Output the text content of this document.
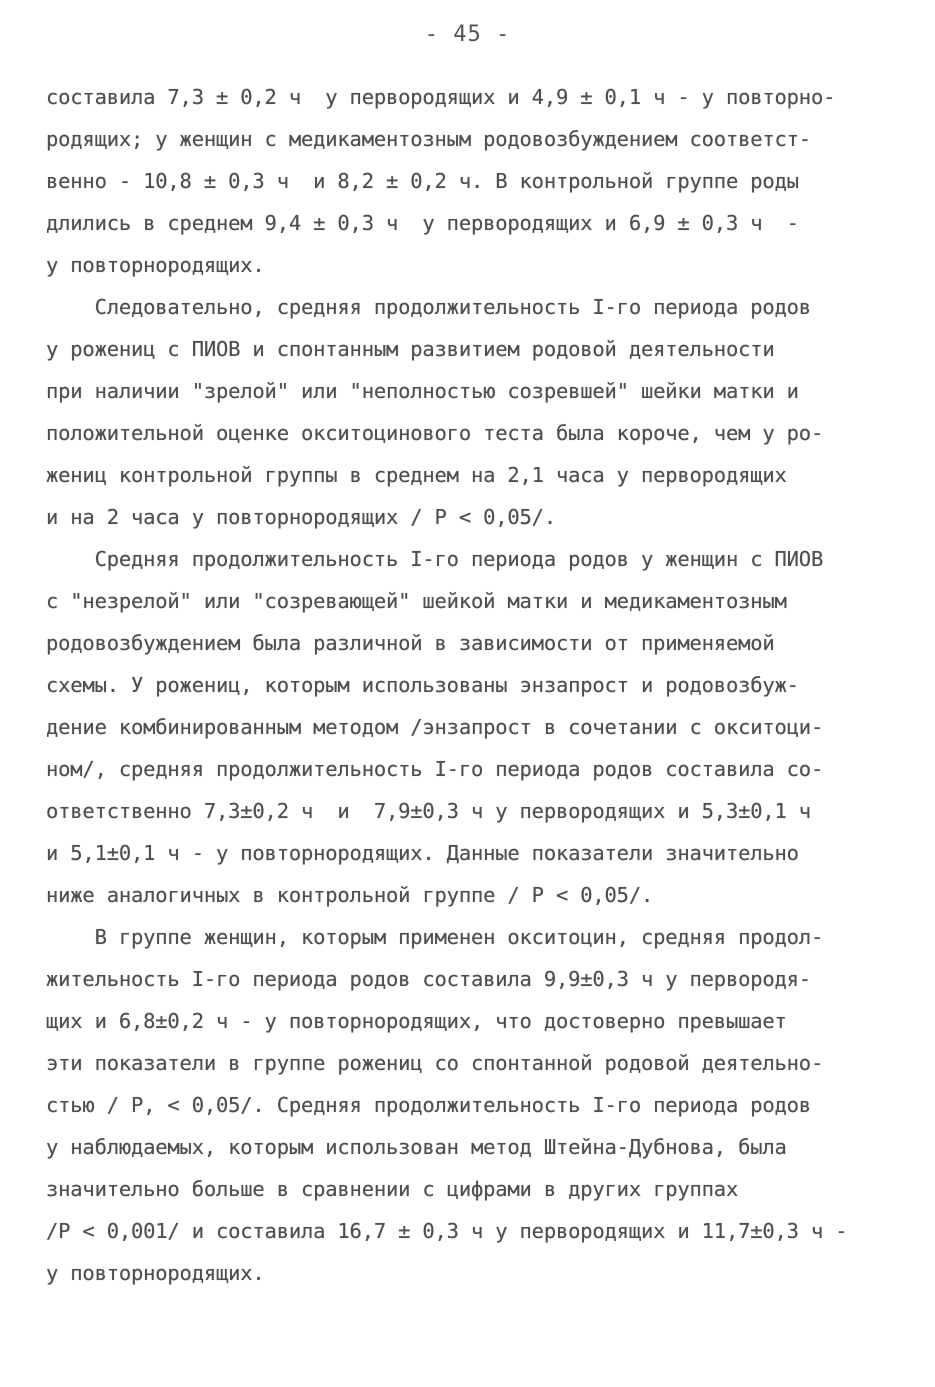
- 45 -
составила 7,3 ± 0,2 ч  у первородящих и 4,9 ± 0,1 ч - у повторно-
родящих; у женщин с медикаментозным родовозбуждением соответст-
венно - 10,8 ± 0,3 ч  и 8,2 ± 0,2 ч. В контрольной группе роды
длились в среднем 9,4 ± 0,3 ч  у первородящих и 6,9 ± 0,3 ч  -
у повторнородящих.
Следовательно, средняя продолжительность I-го периода родов
у рожениц с ПИОВ и спонтанным развитием родовой деятельности
при наличии "зрелой" или "неполностью созревшей" шейки матки и
положительной оценке окситоцинового теста была короче, чем у ро-
жениц контрольной группы в среднем на 2,1 часа у первородящих
и на 2 часа у повторнородящих / P < 0,05/.
Средняя продолжительность I-го периода родов у женщин с ПИОВ
с "незрелой" или "созревающей" шейкой матки и медикаментозным
родовозбуждением была различной в зависимости от применяемой
схемы. У рожениц, которым использованы энзапрост и родовозбуж-
дение комбинированным методом /энзапрост в сочетании с окситоци-
ном/, средняя продолжительность I-го периода родов составила со-
ответственно 7,3±0,2 ч  и  7,9±0,3 ч у первородящих и 5,3±0,1 ч
и 5,1±0,1 ч - у повторнородящих. Данные показатели значительно
ниже аналогичных в контрольной группе / P < 0,05/.
В группе женщин, которым применен окситоцин, средняя продол-
жительность I-го периода родов составила 9,9±0,3 ч у первородя-
щих и 6,8±0,2 ч - у повторнородящих, что достоверно превышает
эти показатели в группе рожениц со спонтанной родовой деятельно-
стью / P, < 0,05/. Средняя продолжительность I-го периода родов
у наблюдаемых, которым использован метод Штейна-Дубнова, была
значительно больше в сравнении с цифрами в других группах
/P < 0,001/ и составила 16,7 ± 0,3 ч у первородящих и 11,7±0,3 ч -
у повторнородящих.
